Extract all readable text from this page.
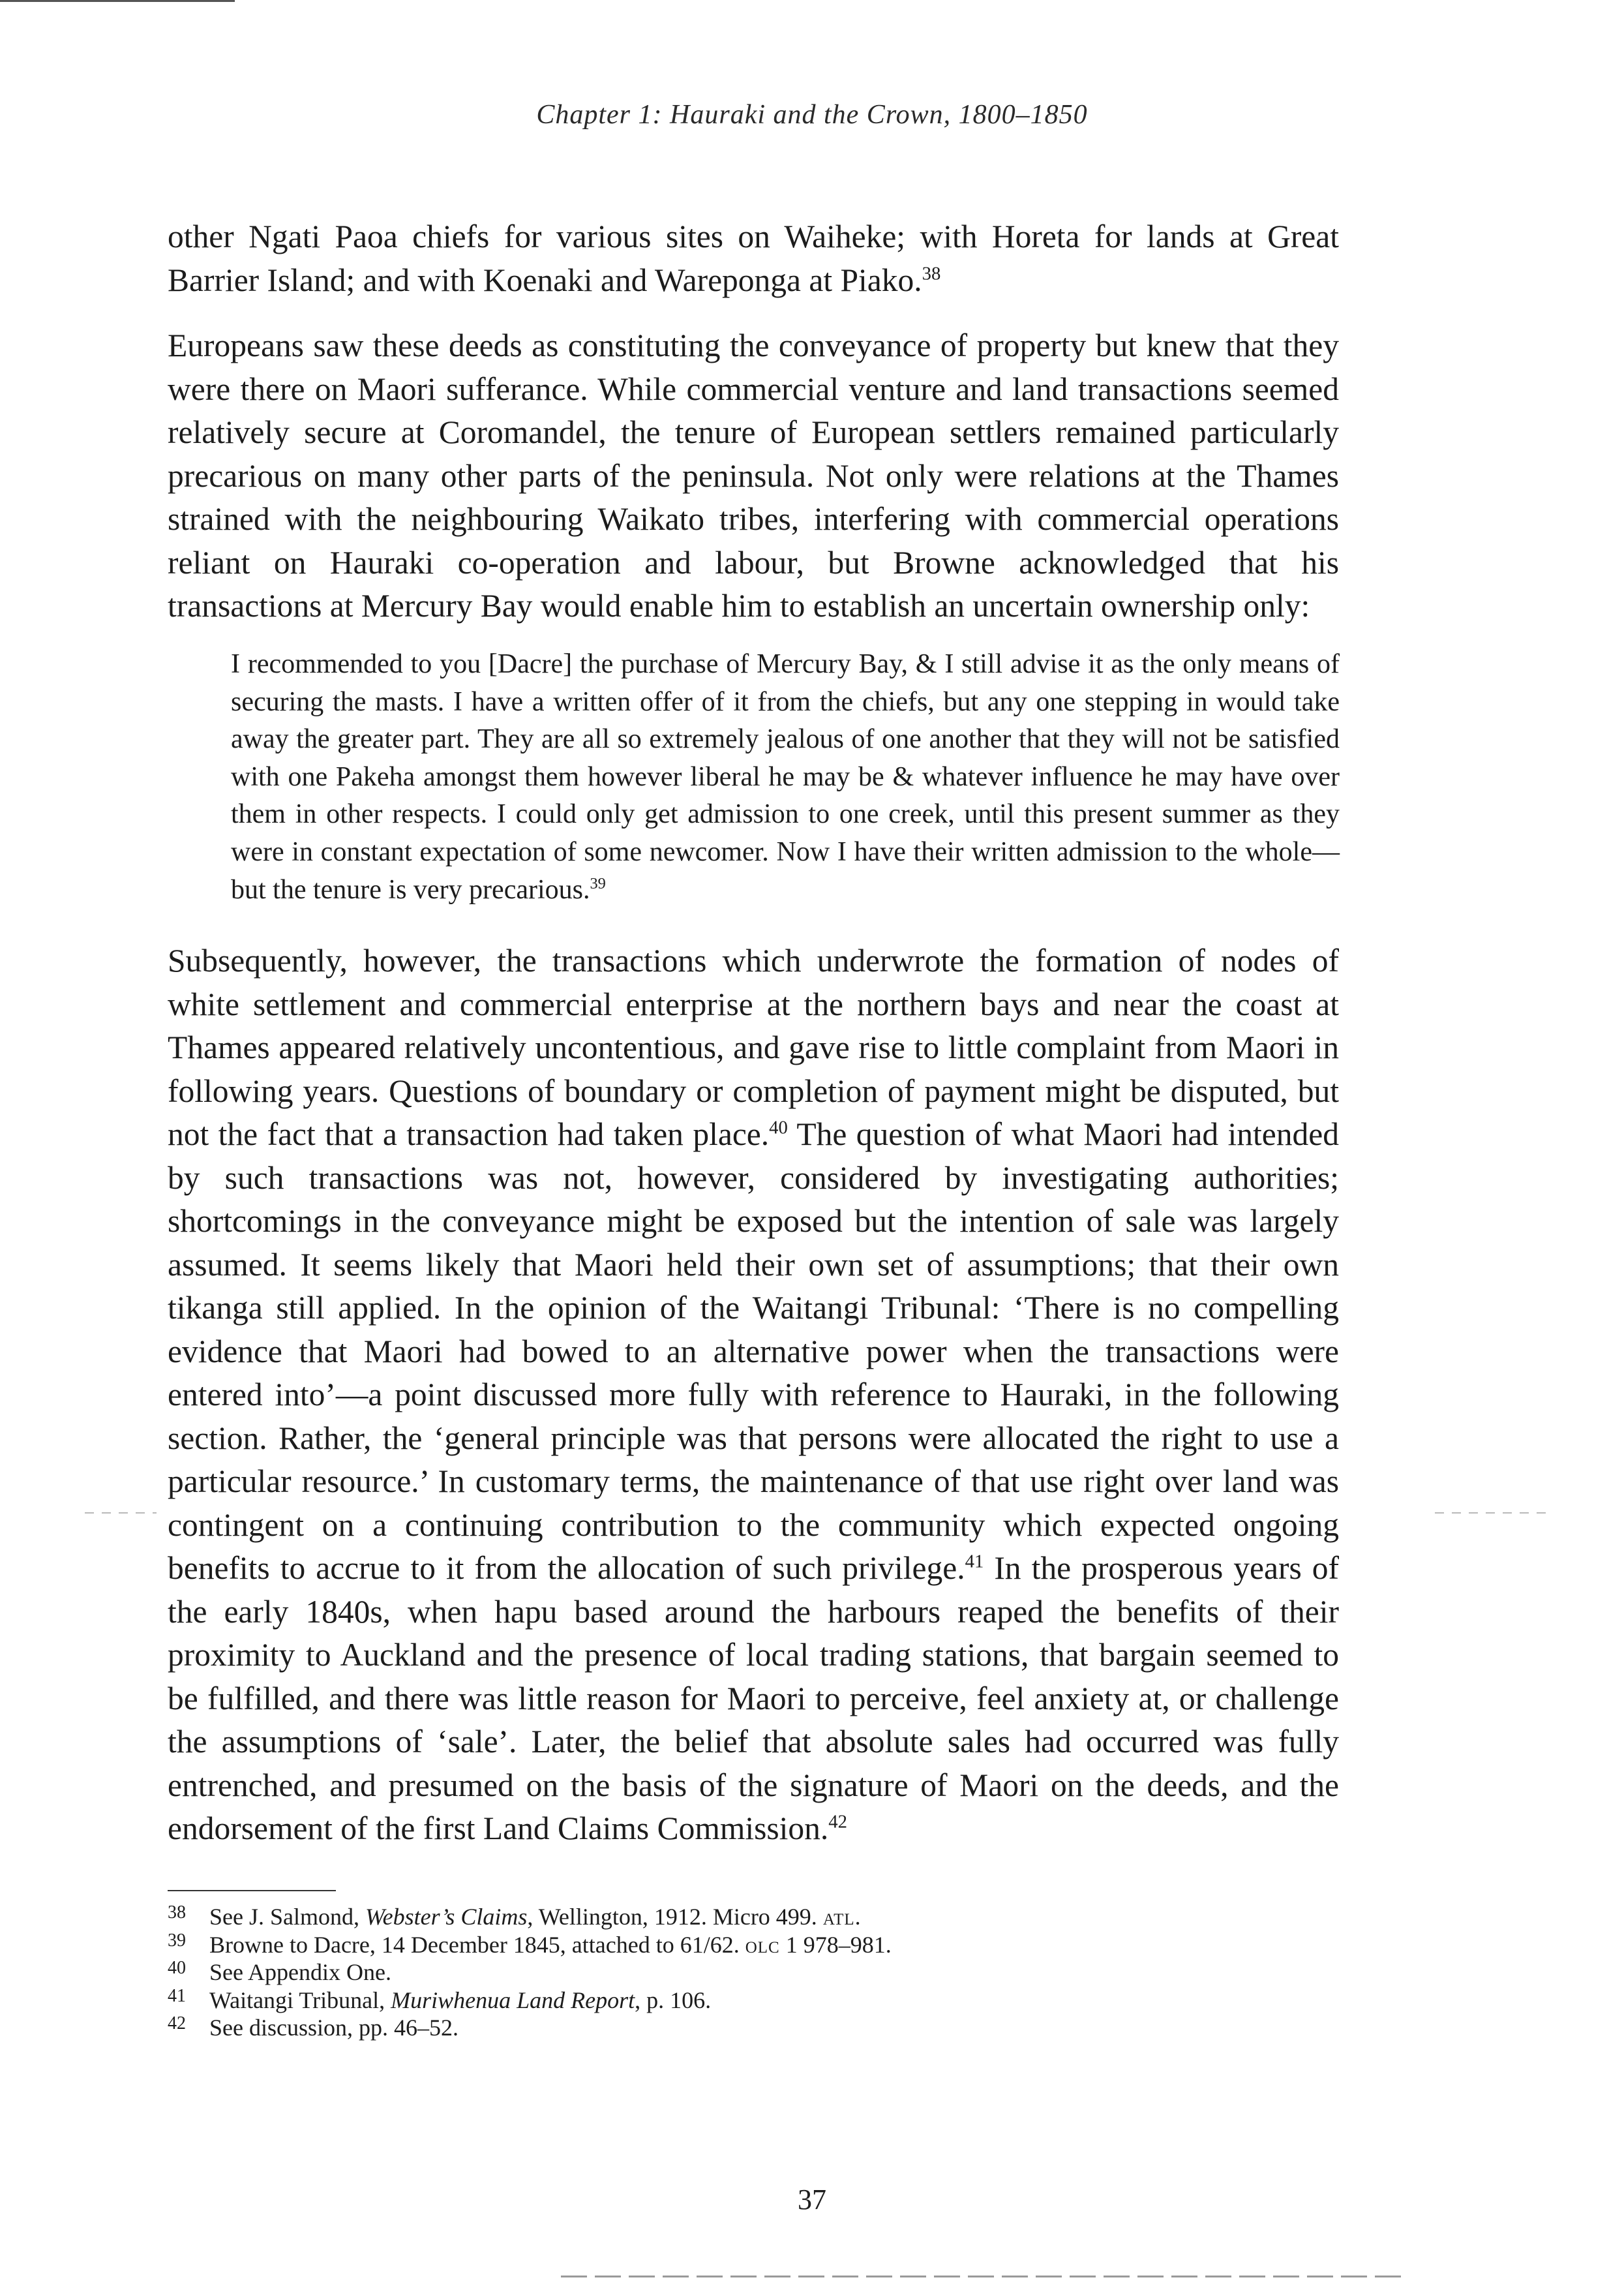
Chapter 1: Hauraki and the Crown, 1800–1850

other Ngati Paoa chiefs for various sites on Waiheke; with Horeta for lands at Great Barrier Island; and with Koenaki and Wareponga at Piako.$^{38}$

Europeans saw these deeds as constituting the conveyance of property but knew that they were there on Maori sufferance. While commercial venture and land transactions seemed relatively secure at Coromandel, the tenure of European settlers remained particularly precarious on many other parts of the peninsula. Not only were relations at the Thames strained with the neighbouring Waikato tribes, interfering with commercial operations reliant on Hauraki co-operation and labour, but Browne acknowledged that his transactions at Mercury Bay would enable him to establish an uncertain ownership only:

I recommended to you [Dacre] the purchase of Mercury Bay, & I still advise it as the only means of securing the masts. I have a written offer of it from the chiefs, but any one stepping in would take away the greater part. They are all so extremely jealous of one another that they will not be satisfied with one Pakeha amongst them however liberal he may be & whatever influence he may have over them in other respects. I could only get admission to one creek, until this present summer as they were in constant expectation of some newcomer. Now I have their written admission to the whole—but the tenure is very precarious.$^{39}$

Subsequently, however, the transactions which underwrote the formation of nodes of white settlement and commercial enterprise at the northern bays and near the coast at Thames appeared relatively uncontentious, and gave rise to little complaint from Maori in following years. Questions of boundary or completion of payment might be disputed, but not the fact that a transaction had taken place.$^{40}$ The question of what Maori had intended by such transactions was not, however, considered by investigating authorities; shortcomings in the conveyance might be exposed but the intention of sale was largely assumed. It seems likely that Maori held their own set of assumptions; that their own tikanga still applied. In the opinion of the Waitangi Tribunal: ‘There is no compelling evidence that Maori had bowed to an alternative power when the transactions were entered into’—a point discussed more fully with reference to Hauraki, in the following section. Rather, the ‘general principle was that persons were allocated the right to use a particular resource.’ In customary terms, the maintenance of that use right over land was contingent on a continuing contribution to the community which expected ongoing benefits to accrue to it from the allocation of such privilege.$^{41}$ In the prosperous years of the early 1840s, when hapu based around the harbours reaped the benefits of their proximity to Auckland and the presence of local trading stations, that bargain seemed to be fulfilled, and there was little reason for Maori to perceive, feel anxiety at, or challenge the assumptions of ‘sale’. Later, the belief that absolute sales had occurred was fully entrenched, and presumed on the basis of the signature of Maori on the deeds, and the endorsement of the first Land Claims Commission.$^{42}$

38 See J. Salmond, Webster’s Claims, Wellington, 1912. Micro 499. atl.
39 Browne to Dacre, 14 December 1845, attached to 61/62. olc 1 978–981.
40 See Appendix One.
41 Waitangi Tribunal, Muriwhenua Land Report, p. 106.
42 See discussion, pp. 46–52.
37
